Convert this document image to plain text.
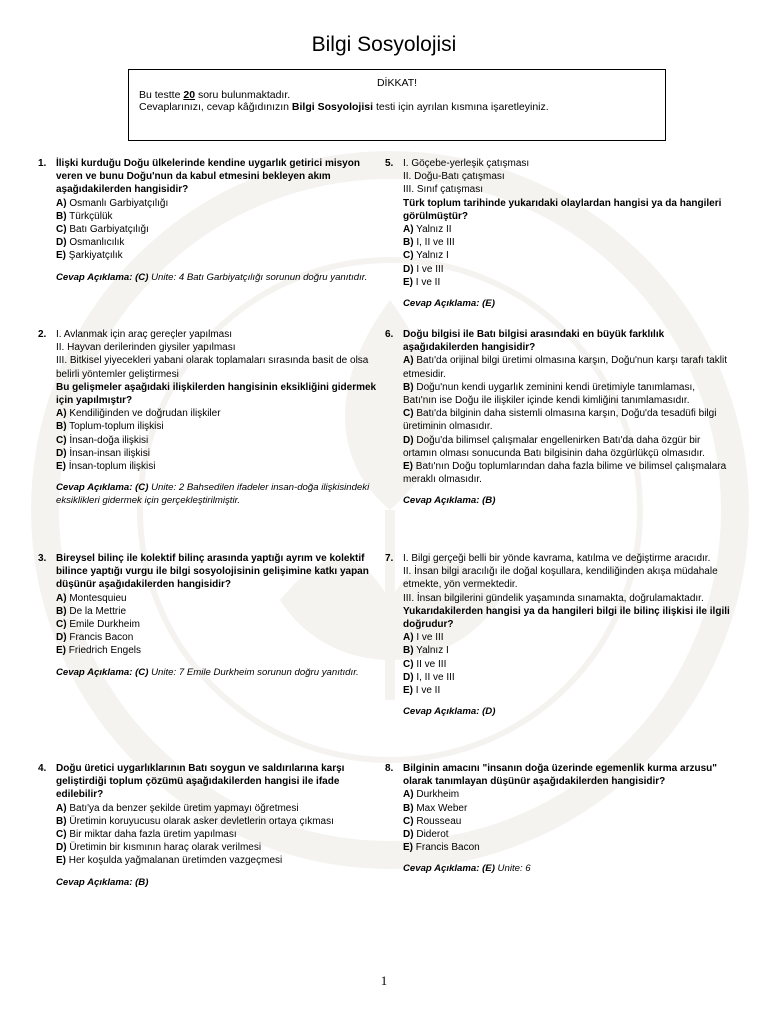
Bilgi Sosyolojisi
DİKKAT!
Bu testte 20 soru bulunmaktadır.
Cevaplarınızı, cevap kâğıdınızın Bilgi Sosyolojisi testi için ayrılan kısmına işaretleyiniz.
1. İlişki kurduğu Doğu ülkelerinde kendine uygarlık getirici misyon veren ve bunu Doğu'nun da kabul etmesini bekleyen akım aşağıdakilerden hangisidir?
A) Osmanlı Garbiyatçılığı
B) Türkçülük
C) Batı Garbiyatçılığı
D) Osmanlıcılık
E) Şarkiyatçılık
Cevap Açıklama: (C) Unite: 4 Batı Garbiyatçılığı sorunun doğru yanıtıdır.
2. I. Avlanmak için araç gereçler yapılması
II. Hayvan derilerinden giysiler yapılması
III. Bitkisel yiyecekleri yabani olarak toplamaları sırasında basit de olsa belirli yöntemler geliştirmesi
Bu gelişmeler aşağıdaki ilişkilerden hangisinin eksikliğini gidermek için yapılmıştır?
A) Kendiliğinden ve doğrudan ilişkiler
B) Toplum-toplum ilişkisi
C) İnsan-doğa ilişkisi
D) İnsan-insan ilişkisi
E) İnsan-toplum ilişkisi
Cevap Açıklama: (C) Unite: 2 Bahsedilen ifadeler insan-doğa ilişkisindeki eksiklikleri gidermek için gerçekleştirilmiştir.
3. Bireysel bilinç ile kolektif bilinç arasında yaptığı ayrım ve kolektif bilince yaptığı vurgu ile bilgi sosyolojisinin gelişimine katkı yapan düşünür aşağıdakilerden hangisidir?
A) Montesquieu
B) De la Mettrie
C) Emile Durkheim
D) Francis Bacon
E) Friedrich Engels
Cevap Açıklama: (C) Unite: 7 Emile Durkheim sorunun doğru yanıtıdır.
4. Doğu üretici uygarlıklarının Batı soygun ve saldırılarına karşı geliştirdiği toplum çözümü aşağıdakilerden hangisi ile ifade edilebilir?
A) Batı'ya da benzer şekilde üretim yapmayı öğretmesi
B) Üretimin koruyucusu olarak asker devletlerin ortaya çıkması
C) Bir miktar daha fazla üretim yapılması
D) Üretimin bir kısmının haraç olarak verilmesi
E) Her koşulda yağmalanan üretimden vazgeçmesi
Cevap Açıklama: (B)
5. I. Göçebe-yerleşik çatışması
II. Doğu-Batı çatışması
III. Sınıf çatışması
Türk toplum tarihinde yukarıdaki olaylardan hangisi ya da hangileri görülmüştür?
A) Yalnız II
B) I, II ve III
C) Yalnız I
D) I ve III
E) I ve II
Cevap Açıklama: (E)
6. Doğu bilgisi ile Batı bilgisi arasındaki en büyük farklılık aşağıdakilerden hangisidir?
A) Batı'da orijinal bilgi üretimi olmasına karşın, Doğu'nun karşı tarafı taklit etmesidir.
B) Doğu'nun kendi uygarlık zeminini kendi üretimiyle tanımlaması, Batı'nın ise Doğu ile ilişkiler içinde kendi kimliğini tanımlamasıdır.
C) Batı'da bilginin daha sistemli olmasına karşın, Doğu'da tesadüfi bilgi üretiminin olmasıdır.
D) Doğu'da bilimsel çalışmalar engellenirken Batı'da daha özgür bir ortamın olması sonucunda Batı bilgisinin daha özgürlükçü olmasıdır.
E) Batı'nın Doğu toplumlarından daha fazla bilime ve bilimsel çalışmalara meraklı olmasıdır.
Cevap Açıklama: (B)
7. I. Bilgi gerçeği belli bir yönde kavrama, katılma ve değiştirme aracıdır.
II. İnsan bilgi aracılığı ile doğal koşullara, kendiliğinden akışa müdahale etmekte, yön vermektedir.
III. İnsan bilgilerini gündelik yaşamında sınamakta, doğrulamaktadır.
Yukarıdakilerden hangisi ya da hangileri bilgi ile bilinç ilişkisi ile ilgili doğrudur?
A) I ve III
B) Yalnız I
C) II ve III
D) I, II ve III
E) I ve II
Cevap Açıklama: (D)
8. Bilginin amacını "insanın doğa üzerinde egemenlik kurma arzusu" olarak tanımlayan düşünür aşağıdakilerden hangisidir?
A) Durkheim
B) Max Weber
C) Rousseau
D) Diderot
E) Francis Bacon
Cevap Açıklama: (E) Unite: 6
1
